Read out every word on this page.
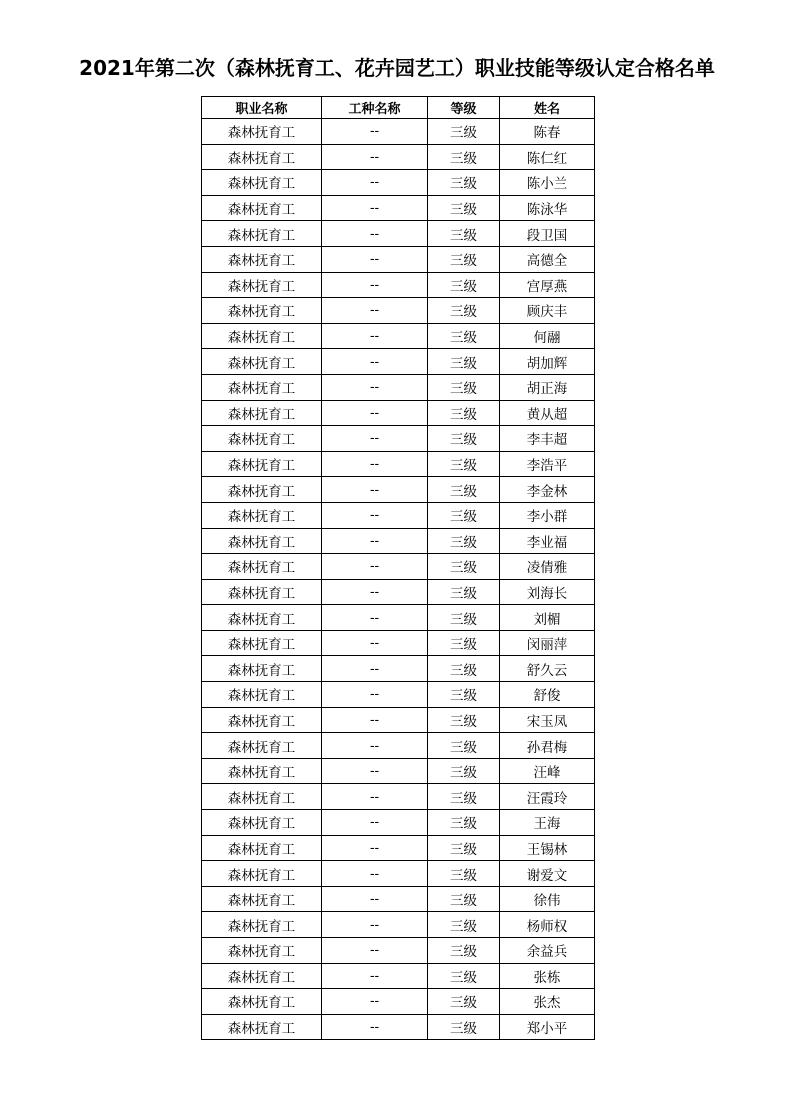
2021年第二次（森林抚育工、花卉园艺工）职业技能等级认定合格名单
职业名称	工种名称	等级	姓名
森林抚育工	--	三级	陈春
森林抚育工	--	三级	陈仁红
森林抚育工	--	三级	陈小兰
森林抚育工	--	三级	陈泳华
森林抚育工	--	三级	段卫国
森林抚育工	--	三级	高德全
森林抚育工	--	三级	宫厚燕
森林抚育工	--	三级	顾庆丰
森林抚育工	--	三级	何翮
森林抚育工	--	三级	胡加辉
森林抚育工	--	三级	胡正海
森林抚育工	--	三级	黄从超
森林抚育工	--	三级	李丰超
森林抚育工	--	三级	李浩平
森林抚育工	--	三级	李金林
森林抚育工	--	三级	李小群
森林抚育工	--	三级	李业福
森林抚育工	--	三级	凌倩雅
森林抚育工	--	三级	刘海长
森林抚育工	--	三级	刘楣
森林抚育工	--	三级	闵丽萍
森林抚育工	--	三级	舒久云
森林抚育工	--	三级	舒俊
森林抚育工	--	三级	宋玉凤
森林抚育工	--	三级	孙君梅
森林抚育工	--	三级	汪峰
森林抚育工	--	三级	汪霞玲
森林抚育工	--	三级	王海
森林抚育工	--	三级	王锡林
森林抚育工	--	三级	谢爱文
森林抚育工	--	三级	徐伟
森林抚育工	--	三级	杨师权
森林抚育工	--	三级	余益兵
森林抚育工	--	三级	张栋
森林抚育工	--	三级	张杰
森林抚育工	--	三级	郑小平
